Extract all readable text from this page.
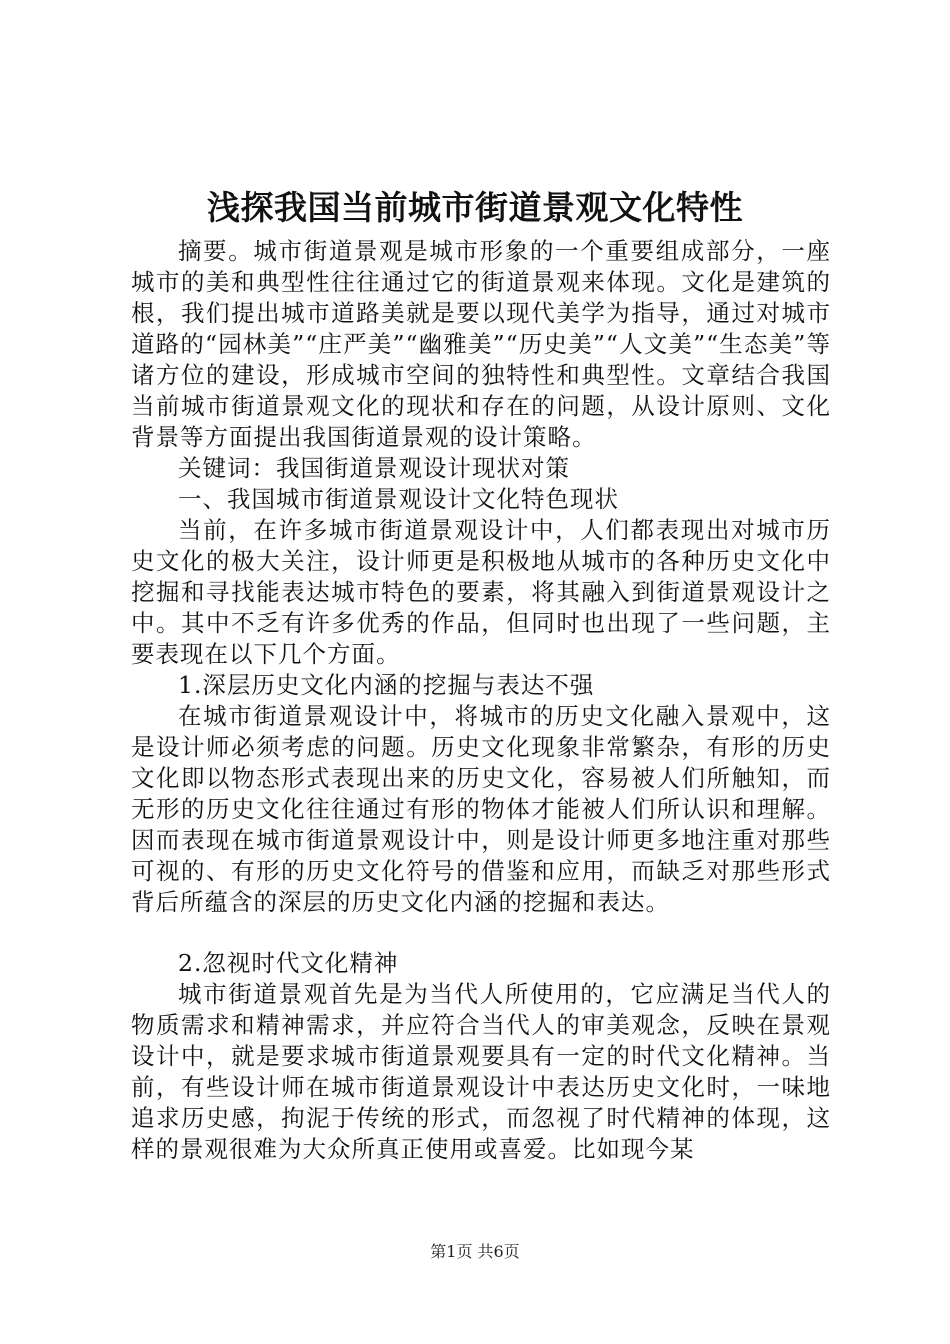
浅探我国当前城市街道景观文化特性

摘要。城市街道景观是城市形象的一个重要组成部分，一座城市的美和典型性往往通过它的街道景观来体现。文化是建筑的根，我们提出城市道路美就是要以现代美学为指导，通过对城市道路的“园林美”“庄严美”“幽雅美”“历史美”“人文美”“生态美”等诸方位的建设，形成城市空间的独特性和典型性。文章结合我国当前城市街道景观文化的现状和存在的问题，从设计原则、文化背景等方面提出我国街道景观的设计策略。

关键词：我国街道景观设计现状对策

一、我国城市街道景观设计文化特色现状

当前，在许多城市街道景观设计中，人们都表现出对城市历史文化的极大关注，设计师更是积极地从城市的各种历史文化中挖掘和寻找能表达城市特色的要素，将其融入到街道景观设计之中。其中不乏有许多优秀的作品，但同时也出现了一些问题，主要表现在以下几个方面。

1.深层历史文化内涵的挖掘与表达不强

在城市街道景观设计中，将城市的历史文化融入景观中，这是设计师必须考虑的问题。历史文化现象非常繁杂，有形的历史文化即以物态形式表现出来的历史文化，容易被人们所触知，而无形的历史文化往往通过有形的物体才能被人们所认识和理解。因而表现在城市街道景观设计中，则是设计师更多地注重对那些可视的、有形的历史文化符号的借鉴和应用，而缺乏对那些形式背后所蕴含的深层的历史文化内涵的挖掘和表达。

2.忽视时代文化精神

城市街道景观首先是为当代人所使用的，它应满足当代人的物质需求和精神需求，并应符合当代人的审美观念，反映在景观设计中，就是要求城市街道景观要具有一定的时代文化精神。当前，有些设计师在城市街道景观设计中表达历史文化时，一味地追求历史感，拘泥于传统的形式，而忽视了时代精神的体现，这样的景观很难为大众所真正使用或喜爱。比如现今某

第1页 共6页
